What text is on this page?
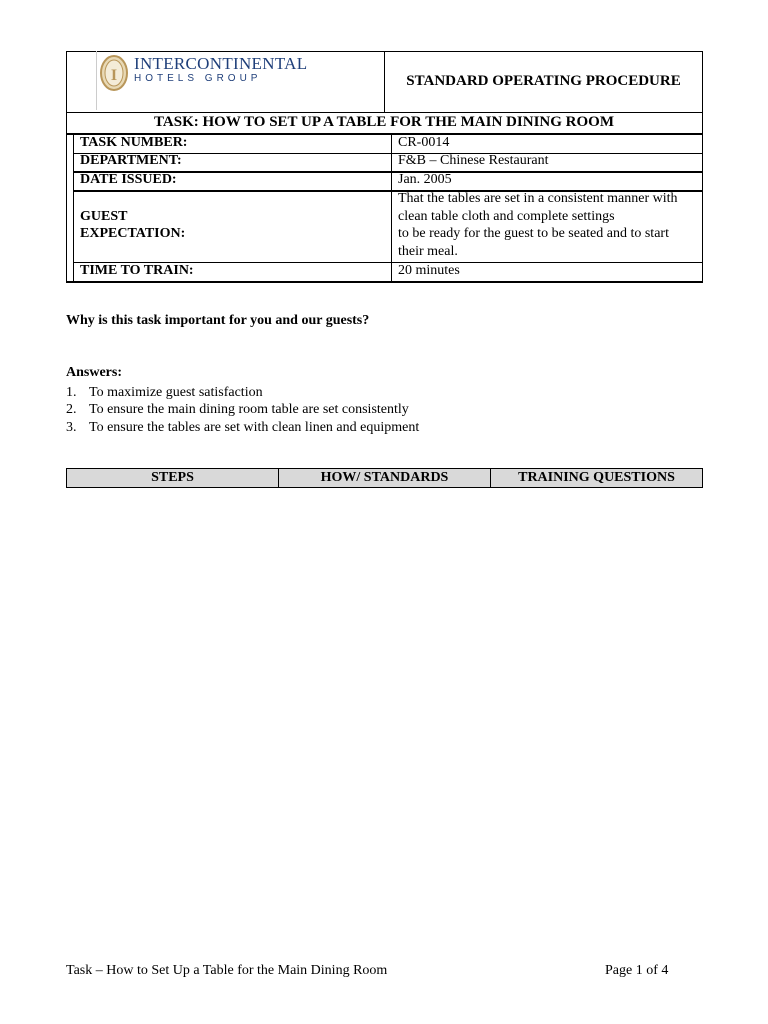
I
INTERCONTINENTAL
HOTELS GROUP	STANDARD OPERATING PROCEDURE
TASK: HOW TO SET UP A TABLE FOR THE MAIN DINING ROOM
TASK NUMBER:	CR-0014
DEPARTMENT:	F&B – Chinese Restaurant
DATE ISSUED:	Jan. 2005
GUEST
EXPECTATION:
That the tables are set in a consistent manner with
clean table cloth and complete settings
to be ready for the guest to be seated and to start
their meal.
TIME TO TRAIN:	20 minutes
Why is this task important for you and our guests?
Answers:
1. To maximize guest satisfaction
2. To ensure the main dining room table are set consistently
3. To ensure the tables are set with clean linen and equipment
STEPS	HOW/ STANDARDS	TRAINING QUESTIONS
Task – How to Set Up a Table for the Main Dining Room	Page 1 of 4
